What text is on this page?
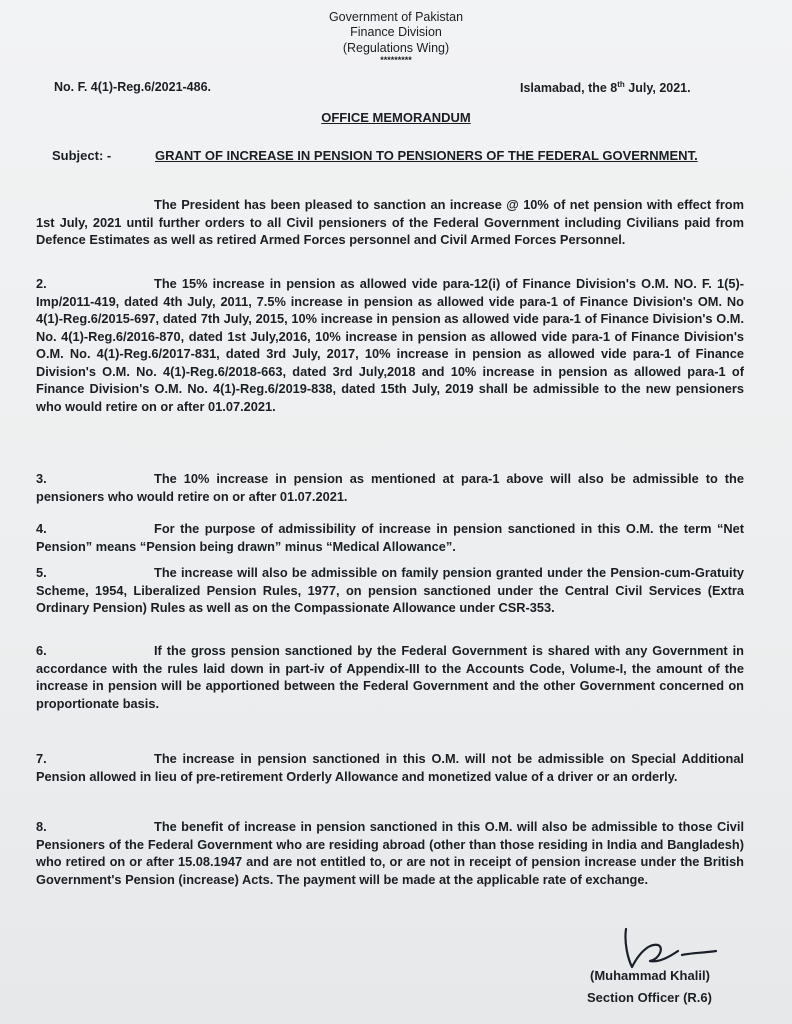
Government of Pakistan
Finance Division
(Regulations Wing)
*********
No. F. 4(1)-Reg.6/2021-486.	Islamabad, the 8th July, 2021.
OFFICE MEMORANDUM
Subject: -	GRANT OF INCREASE IN PENSION TO PENSIONERS OF THE FEDERAL GOVERNMENT.
The President has been pleased to sanction an increase @ 10% of net pension with effect from 1st July, 2021 until further orders to all Civil pensioners of the Federal Government including Civilians paid from Defence Estimates as well as retired Armed Forces personnel and Civil Armed Forces Personnel.
2.	The 15% increase in pension as allowed vide para-12(i) of Finance Division's O.M. NO. F. 1(5)-Imp/2011-419, dated 4th July, 2011, 7.5% increase in pension as allowed vide para-1 of Finance Division's OM. No 4(1)-Reg.6/2015-697, dated 7th July, 2015, 10% increase in pension as allowed vide para-1 of Finance Division's O.M. No. 4(1)-Reg.6/2016-870, dated 1st July,2016, 10% increase in pension as allowed vide para-1 of Finance Division's O.M. No. 4(1)-Reg.6/2017-831, dated 3rd July, 2017, 10% increase in pension as allowed vide para-1 of Finance Division's O.M. No. 4(1)-Reg.6/2018-663, dated 3rd July,2018 and 10% increase in pension as allowed para-1 of Finance Division's O.M. No. 4(1)-Reg.6/2019-838, dated 15th July, 2019 shall be admissible to the new pensioners who would retire on or after 01.07.2021.
3.	The 10% increase in pension as mentioned at para-1 above will also be admissible to the pensioners who would retire on or after 01.07.2021.
4.	For the purpose of admissibility of increase in pension sanctioned in this O.M. the term “Net Pension” means “Pension being drawn” minus “Medical Allowance”.
5.	The increase will also be admissible on family pension granted under the Pension-cum-Gratuity Scheme, 1954, Liberalized Pension Rules, 1977, on pension sanctioned under the Central Civil Services (Extra Ordinary Pension) Rules as well as on the Compassionate Allowance under CSR-353.
6.	If the gross pension sanctioned by the Federal Government is shared with any Government in accordance with the rules laid down in part-iv of Appendix-III to the Accounts Code, Volume-I, the amount of the increase in pension will be apportioned between the Federal Government and the other Government concerned on proportionate basis.
7.	The increase in pension sanctioned in this O.M. will not be admissible on Special Additional Pension allowed in lieu of pre-retirement Orderly Allowance and monetized value of a driver or an orderly.
8.	The benefit of increase in pension sanctioned in this O.M. will also be admissible to those Civil Pensioners of the Federal Government who are residing abroad (other than those residing in India and Bangladesh) who retired on or after 15.08.1947 and are not entitled to, or are not in receipt of pension increase under the British Government's Pension (increase) Acts. The payment will be made at the applicable rate of exchange.
(Muhammad Khalil)
Section Officer (R.6)
